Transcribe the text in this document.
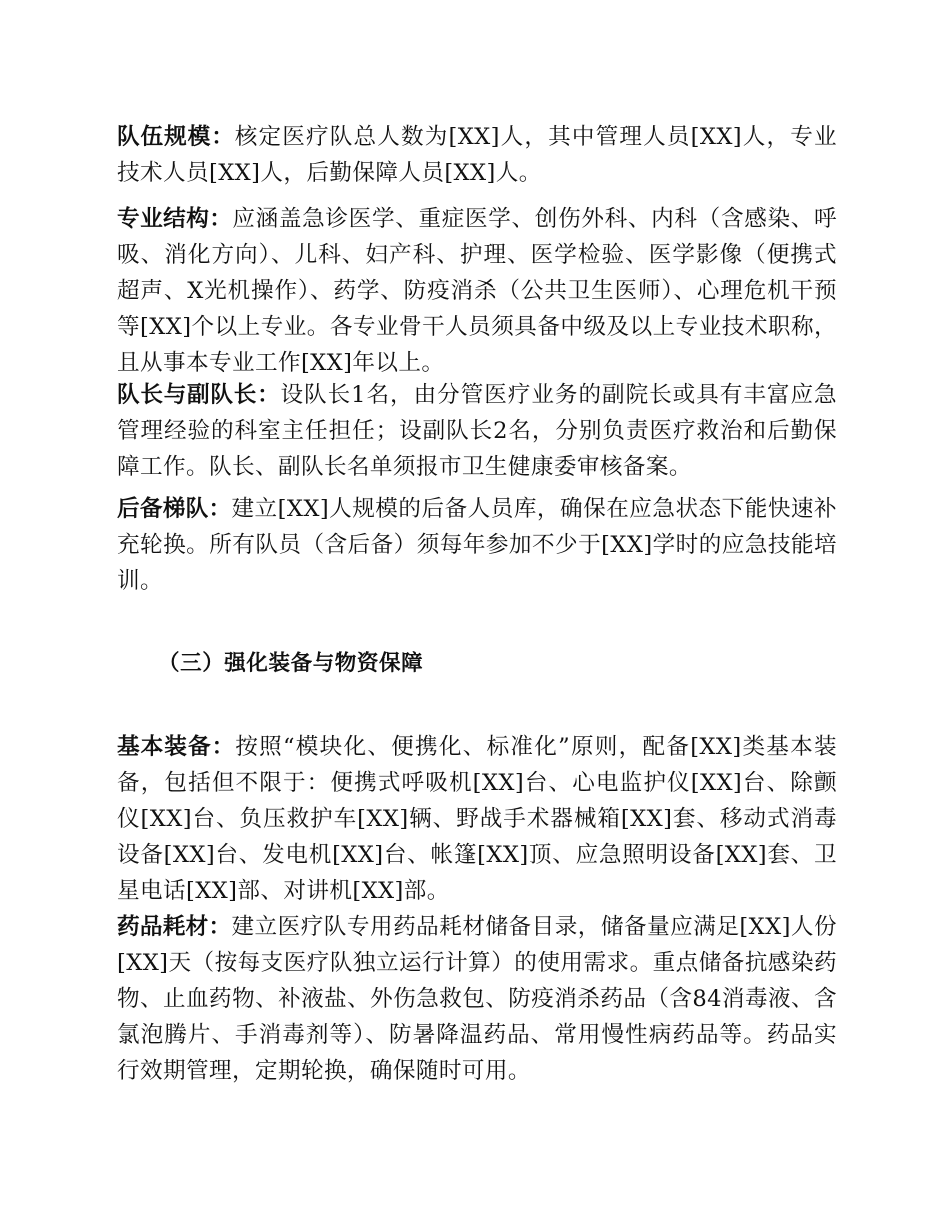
队伍规模：核定医疗队总人数为[XX]人，其中管理人员[XX]人，专业技术人员[XX]人，后勤保障人员[XX]人。

专业结构：应涵盖急诊医学、重症医学、创伤外科、内科（含感染、呼吸、消化方向）、儿科、妇产科、护理、医学检验、医学影像（便携式超声、X光机操作）、药学、防疫消杀（公共卫生医师）、心理危机干预等[XX]个以上专业。各专业骨干人员须具备中级及以上专业技术职称，且从事本专业工作[XX]年以上。

队长与副队长：设队长1名，由分管医疗业务的副院长或具有丰富应急管理经验的科室主任担任；设副队长2名，分别负责医疗救治和后勤保障工作。队长、副队长名单须报市卫生健康委审核备案。

后备梯队：建立[XX]人规模的后备人员库，确保在应急状态下能快速补充轮换。所有队员（含后备）须每年参加不少于[XX]学时的应急技能培训。

（三）强化装备与物资保障

基本装备：按照“模块化、便携化、标准化”原则，配备[XX]类基本装备，包括但不限于：便携式呼吸机[XX]台、心电监护仪[XX]台、除颤仪[XX]台、负压救护车[XX]辆、野战手术器械箱[XX]套、移动式消毒设备[XX]台、发电机[XX]台、帐篷[XX]顶、应急照明设备[XX]套、卫星电话[XX]部、对讲机[XX]部。

药品耗材：建立医疗队专用药品耗材储备目录，储备量应满足[XX]人份[XX]天（按每支医疗队独立运行计算）的使用需求。重点储备抗感染药物、止血药物、补液盐、外伤急救包、防疫消杀药品（含84消毒液、含氯泡腾片、手消毒剂等）、防暑降温药品、常用慢性病药品等。药品实行效期管理，定期轮换，确保随时可用。
